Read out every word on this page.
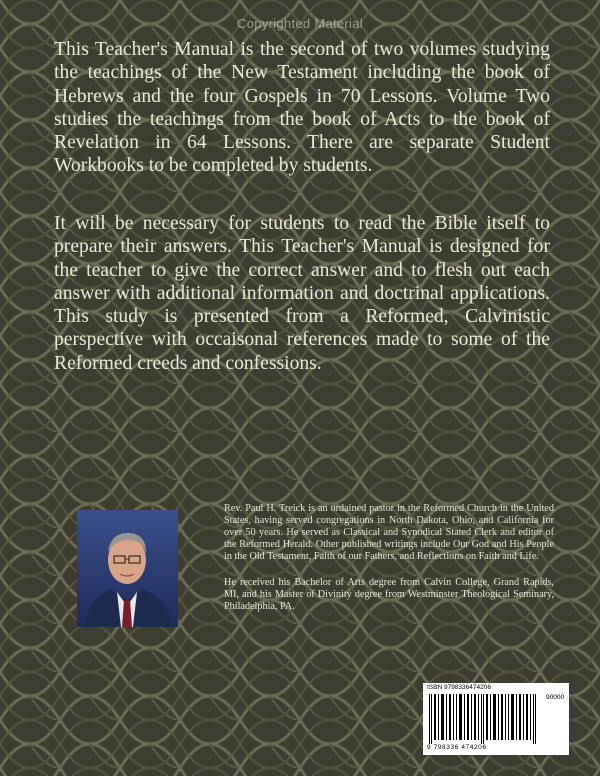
Copyrighted Material

This Teacher's Manual is the second of two volumes studying the teachings of the New Testament including the book of Hebrews and the four Gospels in 70 Lessons. Volume Two studies the teachings from the book of Acts to the book of Revelation in 64 Lessons. There are separate Student Workbooks to be completed by students.

It will be necessary for students to read the Bible itself to prepare their answers. This Teacher's Manual is designed for the teacher to give the correct answer and to flesh out each answer with additional information and doctrinal applications. This study is presented from a Reformed, Calvinistic perspective with occaisonal references made to some of the Reformed creeds and confessions.

Rev. Paul H. Treick is an ordained pastor in the Reformed Church in the United States, having served congregations in North Dakota, Ohio, and California for over 50 years. He served as Classical and Synodical Stated Clerk and editor of the Reformed Herald. Other published writings include Our God and His People in the Old Testament, Faith of our Fathers, and Reflections on Faith and Life.

He received his Bachelor of Arts degree from Calvin College, Grand Rapids, MI, and his Master of Divinity degree from Westminster Theological Seminary, Philadelphia, PA.

ISBN 9798336474206
90000
9 798336 474206
